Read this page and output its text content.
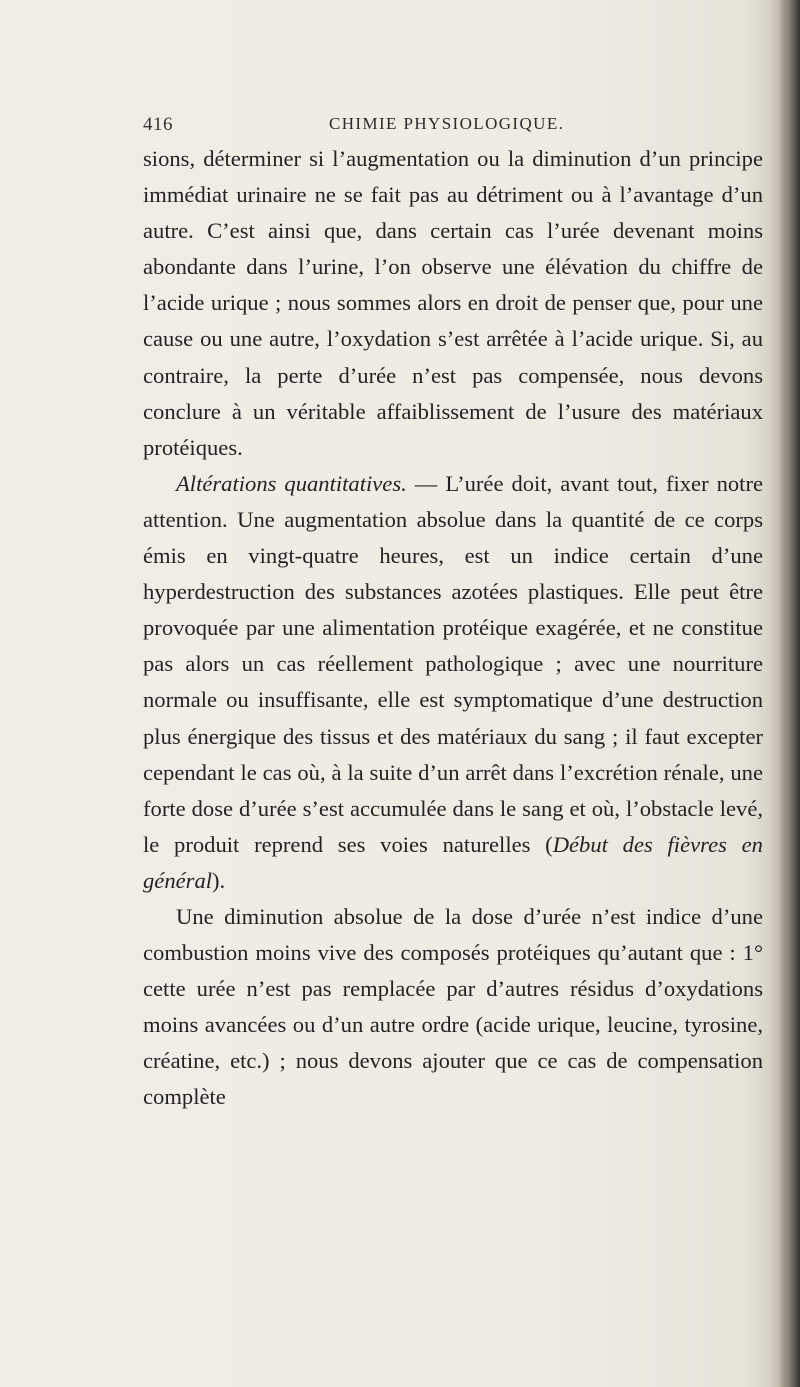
416	CHIMIE PHYSIOLOGIQUE.

sions, déterminer si l’augmentation ou la diminution d’un principe immédiat urinaire ne se fait pas au détriment ou à l’avantage d’un autre. C’est ainsi que, dans certain cas l’urée devenant moins abondante dans l’urine, l’on observe une élévation du chiffre de l’acide urique ; nous sommes alors en droit de penser que, pour une cause ou une autre, l’oxydation s’est arrêtée à l’acide urique. Si, au contraire, la perte d’urée n’est pas compensée, nous devons conclure à un véritable affaiblissement de l’usure des matériaux protéiques.

Altérations quantitatives. — L’urée doit, avant tout, fixer notre attention. Une augmentation absolue dans la quantité de ce corps émis en vingt-quatre heures, est un indice certain d’une hyperdestruction des substances azotées plastiques. Elle peut être provoquée par une alimentation protéique exagérée, et ne constitue pas alors un cas réellement pathologique ; avec une nourriture normale ou insuffisante, elle est symptomatique d’une destruction plus énergique des tissus et des matériaux du sang ; il faut excepter cependant le cas où, à la suite d’un arrêt dans l’excrétion rénale, une forte dose d’urée s’est accumulée dans le sang et où, l’obstacle levé, le produit reprend ses voies naturelles (Début des fièvres en général).

Une diminution absolue de la dose d’urée n’est indice d’une combustion moins vive des composés protéiques qu’autant que : 1° cette urée n’est pas remplacée par d’autres résidus d’oxydations moins avancées ou d’un autre ordre (acide urique, leucine, tyrosine, créatine, etc.) ; nous devons ajouter que ce cas de compensation complète
